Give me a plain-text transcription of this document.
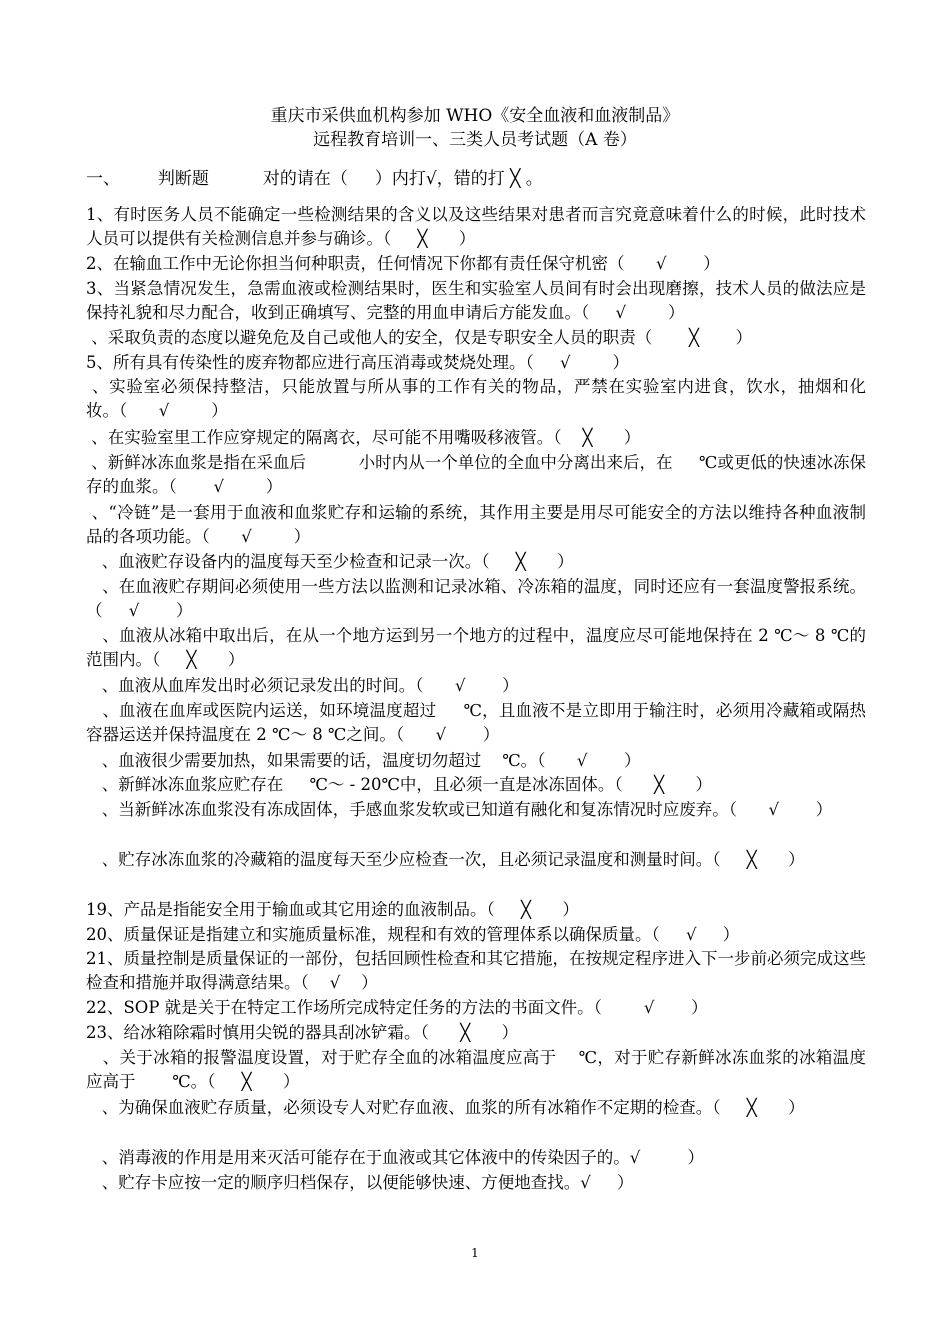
重庆市采供血机构参加 WHO《安全血液和血液制品》
远程教育培训一、三类人员考试题（A 卷）
一、       判断题          对的请在（     ）内打√，错的打 ╳ 。
1、有时医务人员不能确定一些检测结果的含义以及这些结果对患者而言究竟意味着什么的时候，此时技术人员可以提供有关检测信息并参与确诊。（     ╳      ）
2、在输血工作中无论你担当何种职责，任何情况下你都有责任保守机密（      √       ）
3、当紧急情况发生，急需血液或检测结果时，医生和实验室人员间有时会出现磨擦，技术人员的做法应是保持礼貌和尽力配合，收到正确填写、完整的用血申请后方能发血。（     √        ）
、采取负责的态度以避免危及自己或他人的安全，仅是专职安全人员的职责（       ╳       ）
5、所有具有传染性的废弃物都应进行高压消毒或焚烧处理。（     √        ）
、实验室必须保持整洁，只能放置与所从事的工作有关的物品，严禁在实验室内进食，饮水，抽烟和化妆。（      √        ）
、在实验室里工作应穿规定的隔离衣，尽可能不用嘴吸移液管。（    ╳      ）
、新鲜冰冻血浆是指在采血后          小时内从一个单位的全血中分离出来后，在     ℃或更低的快速冰冻保存的血浆。（       √        ）
、“冷链”是一套用于血液和血浆贮存和运输的系统，其作用主要是用尽可能安全的方法以维持各种血液制品的各项功能。（      √        ）
、血液贮存设备内的温度每天至少检查和记录一次。（     ╳      ）
、在血液贮存期间必须使用一些方法以监测和记录冰箱、冷冻箱的温度，同时还应有一套温度警报系统。（     √       ）
、血液从冰箱中取出后，在从一个地方运到另一个地方的过程中，温度应尽可能地保持在 2 ℃～ 8 ℃的范围内。（     ╳      ）
、血液从血库发出时必须记录发出的时间。（      √       ）
、血液在血库或医院内运送，如环境温度超过     ℃，且血液不是立即用于输注时，必须用冷藏箱或隔热容器运送并保持温度在 2 ℃～ 8 ℃之间。（      √       ）
、血液很少需要加热，如果需要的话，温度切勿超过    ℃。（      √       ）
、新鲜冰冻血浆应贮存在     ℃～ - 20℃中，且必须一直是冰冻固体。（      ╳      ）
、当新鲜冰冻血浆没有冻成固体，手感血浆发软或已知道有融化和复冻情况时应废弃。（      √       ）
、贮存冰冻血浆的冷藏箱的温度每天至少应检查一次，且必须记录温度和测量时间。（     ╳      ）
19、产品是指能安全用于输血或其它用途的血液制品。（     ╳      ）
20、质量保证是指建立和实施质量标准，规程和有效的管理体系以确保质量。（     √     ）
21、质量控制是质量保证的一部份，包括回顾性检查和其它措施，在按规定程序进入下一步前必须完成这些检查和措施并取得满意结果。（    √    ）
22、SOP 就是关于在特定工作场所完成特定任务的方法的书面文件。（        √       ）
23、给冰箱除霜时慎用尖锐的器具刮冰铲霜。（      ╳      ）
、关于冰箱的报警温度设置，对于贮存全血的冰箱温度应高于    ℃，对于贮存新鲜冰冻血浆的冰箱温度应高于       ℃。（     ╳      ）
、为确保血液贮存质量，必须设专人对贮存血液、血浆的所有冰箱作不定期的检查。（     ╳      ）
、消毒液的作用是用来灭活可能存在于血液或其它体液中的传染因子的。√         ）
、贮存卡应按一定的顺序归档保存，以便能够快速、方便地查找。√     ）
1
